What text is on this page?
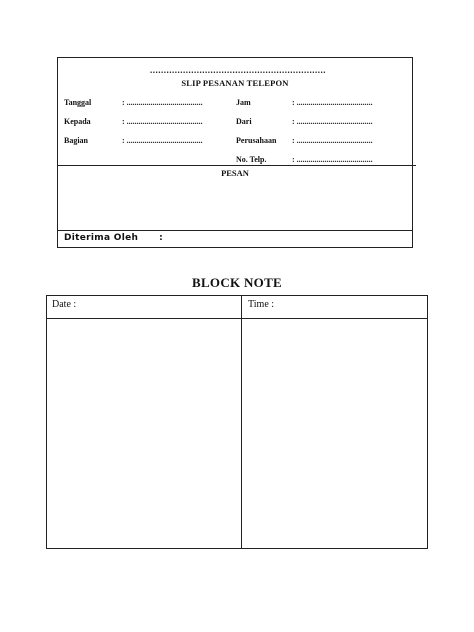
................................................................
SLIP PESANAN TELEPON
Tanggal	: ......................................
Kepada	: ......................................
Bagian	: ......................................
Jam	: ......................................
Dari	: ......................................
Perusahaan : ......................................
No. Telp.	: ......................................
PESAN
Diterima Oleh :
BLOCK NOTE
Date :	Time :
